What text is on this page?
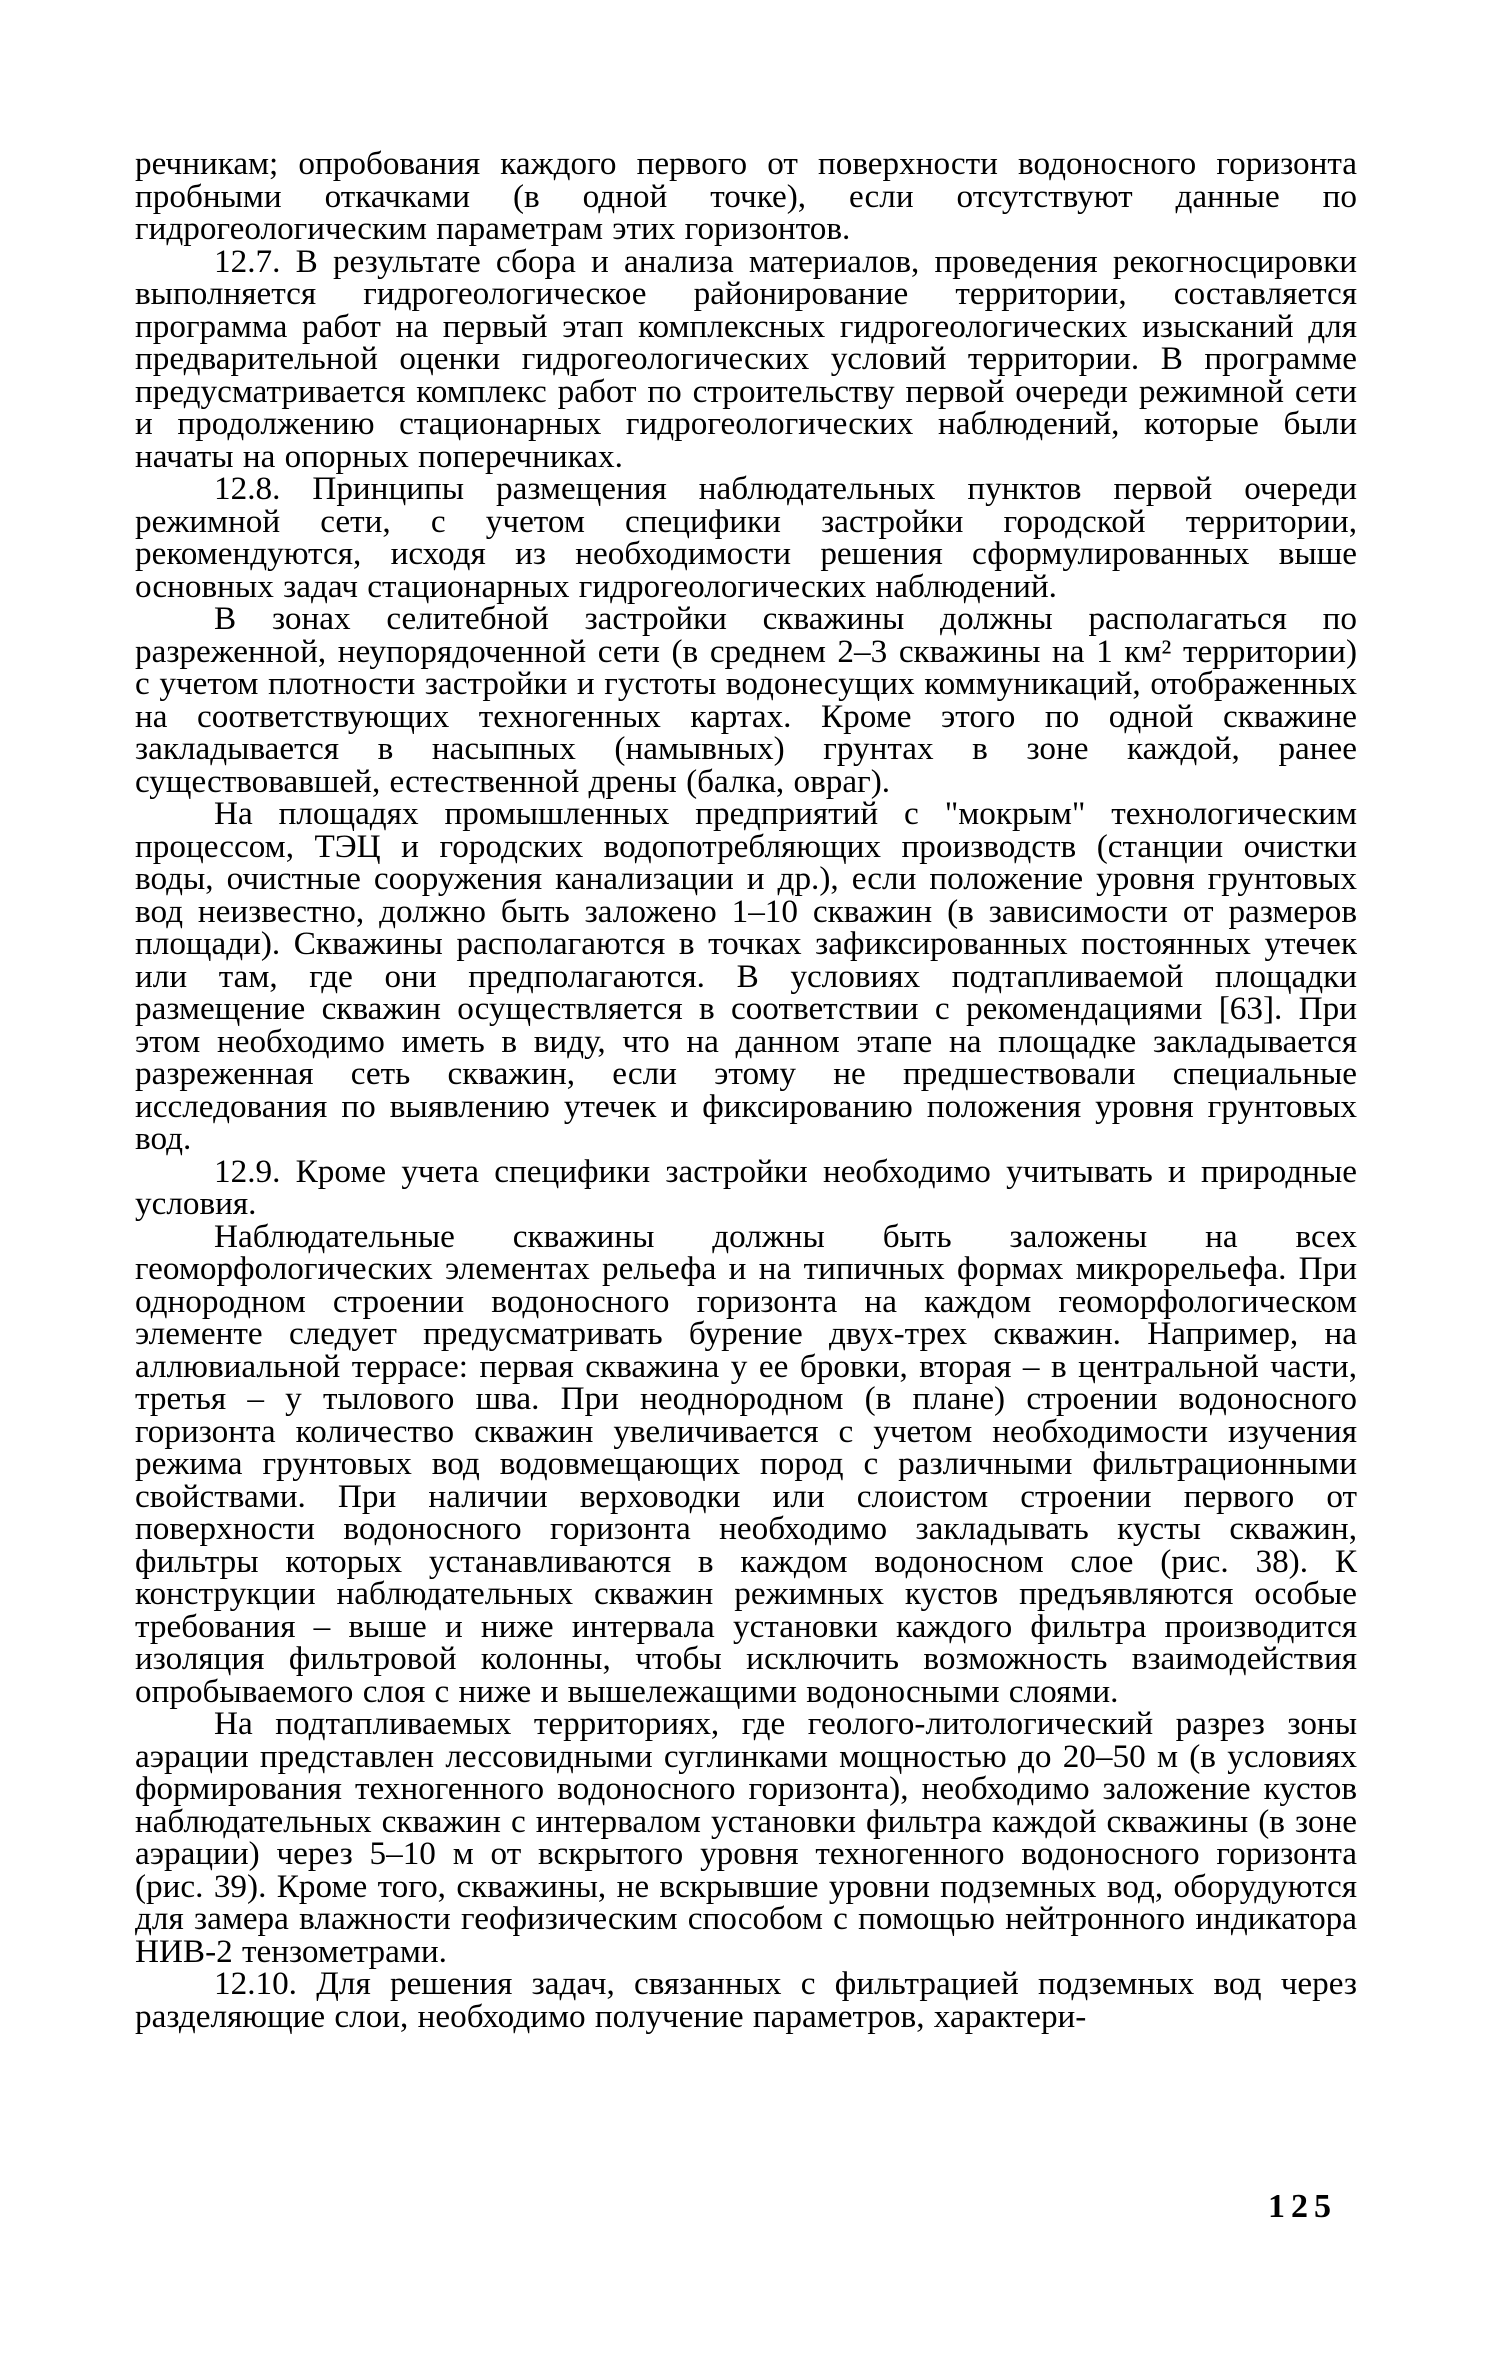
речникам; опробования каждого первого от поверхности водоносного горизонта пробными откачками (в одной точке), если отсутствуют данные по гидрогеологическим параметрам этих горизонтов.

12.7. В результате сбора и анализа материалов, проведения рекогносцировки выполняется гидрогеологическое районирование территории, составляется программа работ на первый этап комплексных гидрогеологических изысканий для предварительной оценки гидрогеологических условий территории. В программе предусматривается комплекс работ по строительству первой очереди режимной сети и продолжению стационарных гидрогеологических наблюдений, которые были начаты на опорных поперечниках.

12.8. Принципы размещения наблюдательных пунктов первой очереди режимной сети, с учетом специфики застройки городской территории, рекомендуются, исходя из необходимости решения сформулированных выше основных задач стационарных гидрогеологических наблюдений.

В зонах селитебной застройки скважины должны располагаться по разреженной, неупорядоченной сети (в среднем 2–3 скважины на 1 км² территории) с учетом плотности застройки и густоты водонесущих коммуникаций, отображенных на соответствующих техногенных картах. Кроме этого по одной скважине закладывается в насыпных (намывных) грунтах в зоне каждой, ранее существовавшей, естественной дрены (балка, овраг).

На площадях промышленных предприятий с "мокрым" технологическим процессом, ТЭЦ и городских водопотребляющих производств (станции очистки воды, очистные сооружения канализации и др.), если положение уровня грунтовых вод неизвестно, должно быть заложено 1–10 скважин (в зависимости от размеров площади). Скважины располагаются в точках зафиксированных постоянных утечек или там, где они предполагаются. В условиях подтапливаемой площадки размещение скважин осуществляется в соответствии с рекомендациями [63]. При этом необходимо иметь в виду, что на данном этапе на площадке закладывается разреженная сеть скважин, если этому не предшествовали специальные исследования по выявлению утечек и фиксированию положения уровня грунтовых вод.

12.9. Кроме учета специфики застройки необходимо учитывать и природные условия.

Наблюдательные скважины должны быть заложены на всех геоморфологических элементах рельефа и на типичных формах микрорельефа. При однородном строении водоносного горизонта на каждом геоморфологическом элементе следует предусматривать бурение двух-трех скважин. Например, на аллювиальной террасе: первая скважина у ее бровки, вторая – в центральной части, третья – у тылового шва. При неоднородном (в плане) строении водоносного горизонта количество скважин увеличивается с учетом необходимости изучения режима грунтовых вод водовмещающих пород с различными фильтрационными свойствами. При наличии верховодки или слоистом строении первого от поверхности водоносного горизонта необходимо закладывать кусты скважин, фильтры которых устанавливаются в каждом водоносном слое (рис. 38). К конструкции наблюдательных скважин режимных кустов предъявляются особые требования – выше и ниже интервала установки каждого фильтра производится изоляция фильтровой колонны, чтобы исключить возможность взаимодействия опробываемого слоя с ниже и вышележащими водоносными слоями.

На подтапливаемых территориях, где геолого-литологический разрез зоны аэрации представлен лессовидными суглинками мощностью до 20–50 м (в условиях формирования техногенного водоносного горизонта), необходимо заложение кустов наблюдательных скважин с интервалом установки фильтра каждой скважины (в зоне аэрации) через 5–10 м от вскрытого уровня техногенного водоносного горизонта (рис. 39). Кроме того, скважины, не вскрывшие уровни подземных вод, оборудуются для замера влажности геофизическим способом с помощью нейтронного индикатора НИВ-2 тензометрами.

12.10. Для решения задач, связанных с фильтрацией подземных вод через разделяющие слои, необходимо получение параметров, характери-

125
